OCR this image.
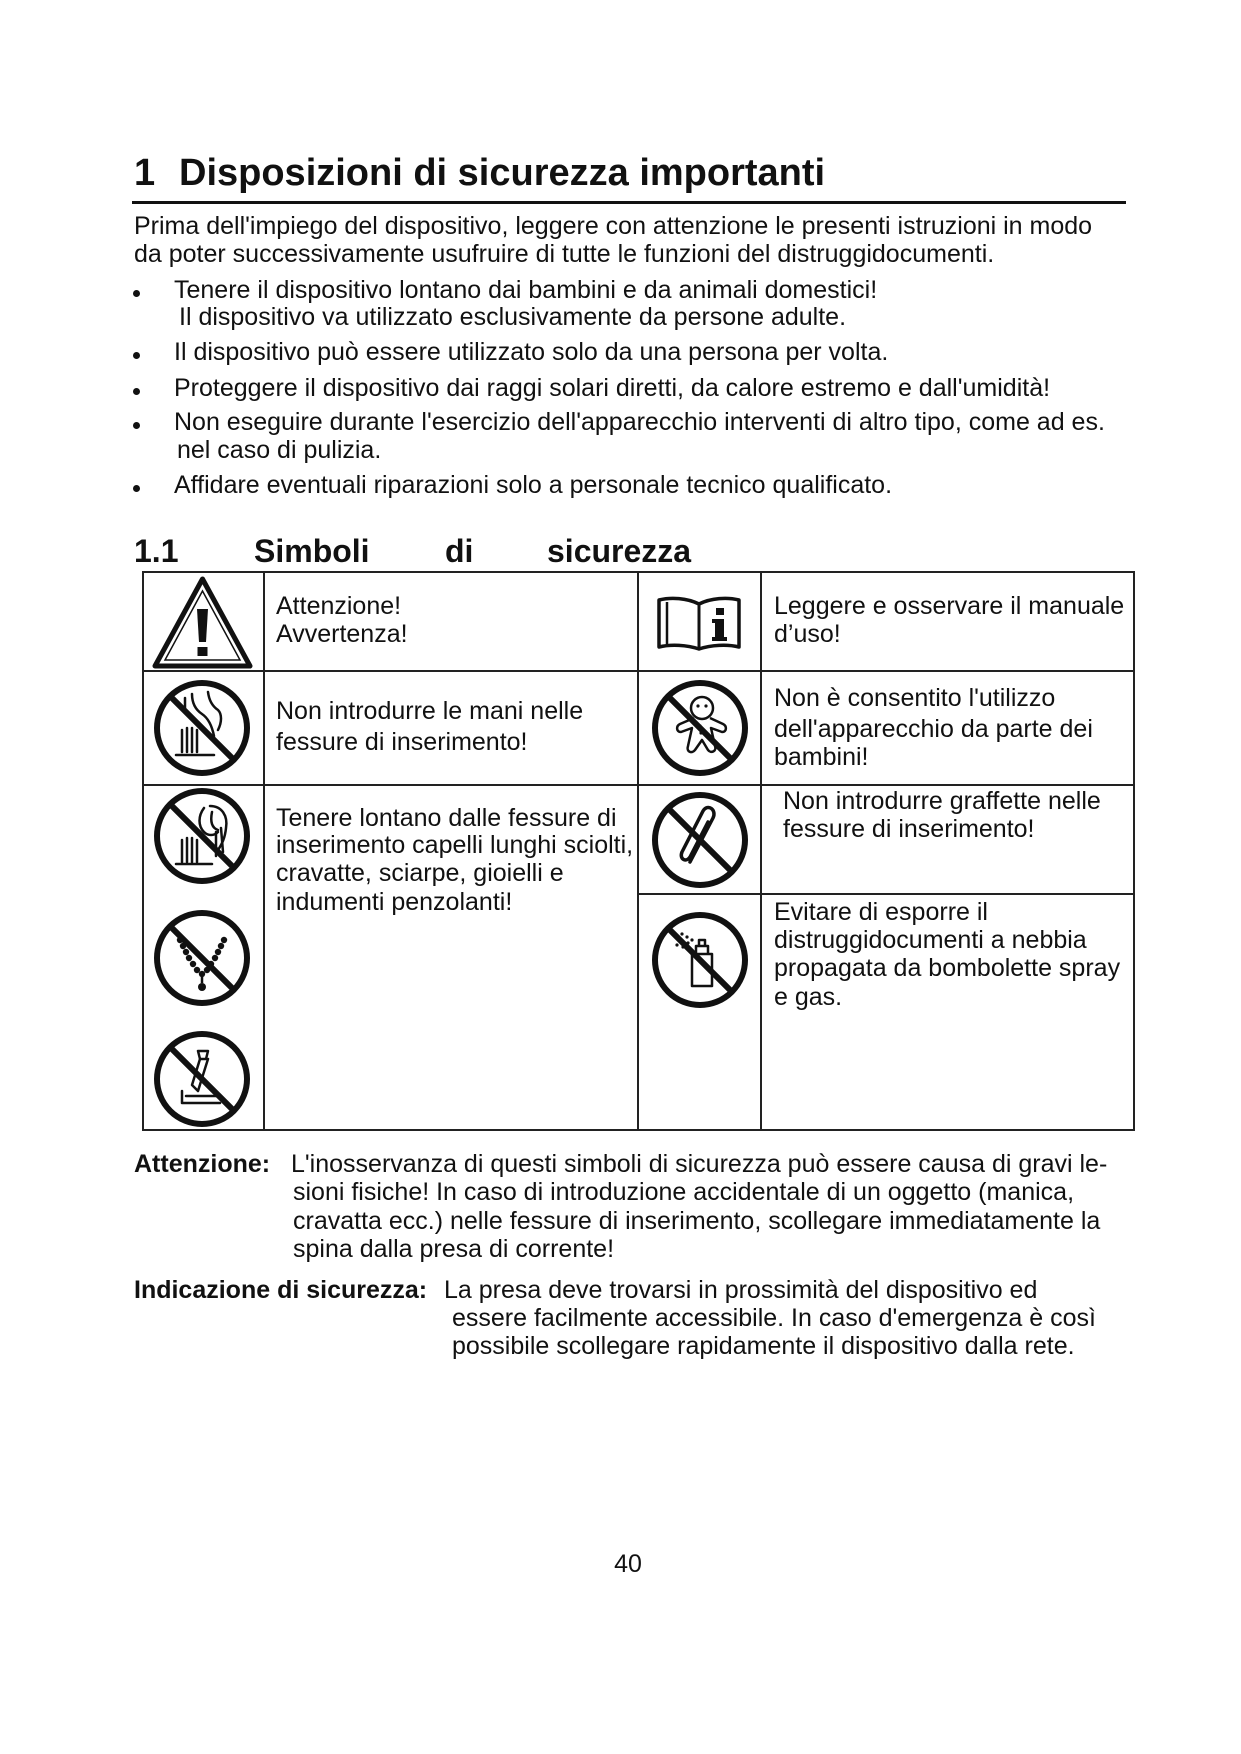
1 Disposizioni di sicurezza importanti
Prima dell'impiego del dispositivo, leggere con attenzione le presenti istruzioni in modo
da poter successivamente usufruire di tutte le funzioni del distruggidocumenti.
Tenere il dispositivo lontano dai bambini e da animali domestici!
Il dispositivo va utilizzato esclusivamente da persone adulte.
Il dispositivo può essere utilizzato solo da una persona per volta.
Proteggere il dispositivo dai raggi solari diretti, da calore estremo e dall'umidità!
Non eseguire durante l'esercizio dell'apparecchio interventi di altro tipo, come ad es.
nel caso di pulizia.
Affidare eventuali riparazioni solo a personale tecnico qualificato.
1.1 Simboli di sicurezza
Attenzione!
Avvertenza!
Leggere e osservare il manuale
d’uso!
Non introdurre le mani nelle
fessure di inserimento!
Non è consentito l'utilizzo
dell'apparecchio da parte dei
bambini!
Tenere lontano dalle fessure di
inserimento capelli lunghi sciolti,
cravatte, sciarpe, gioielli e
indumenti penzolanti!
Non introdurre graffette nelle
fessure di inserimento!
Evitare di esporre il
distruggidocumenti a nebbia
propagata da bombolette spray
e gas.
Attenzione: L'inosservanza di questi simboli di sicurezza può essere causa di gravi le-
sioni fisiche! In caso di introduzione accidentale di un oggetto (manica,
cravatta ecc.) nelle fessure di inserimento, scollegare immediatamente la
spina dalla presa di corrente!
Indicazione di sicurezza: La presa deve trovarsi in prossimità del dispositivo ed
essere facilmente accessibile. In caso d'emergenza è così
possibile scollegare rapidamente il dispositivo dalla rete.
40
